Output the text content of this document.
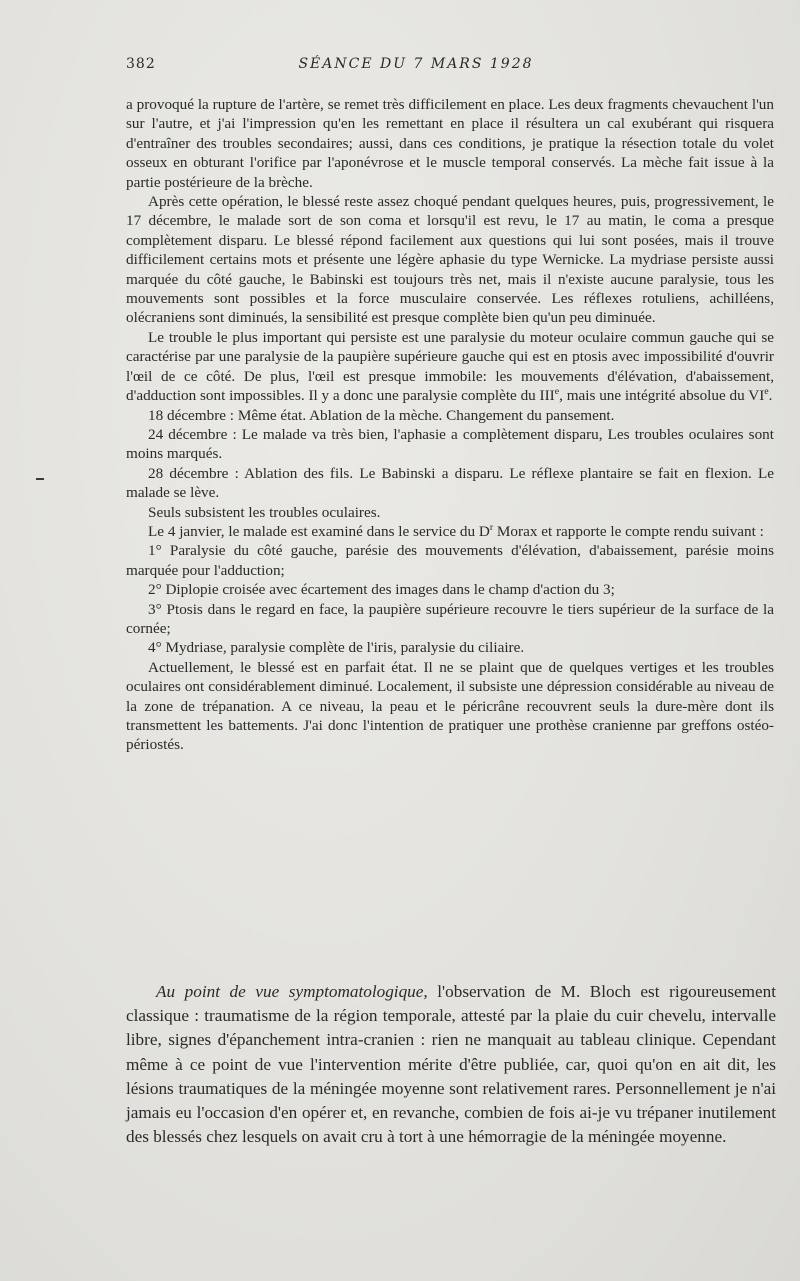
382	SÉANCE DU 7 MARS 1928

a provoqué la rupture de l'artère, se remet très difficilement en place. Les deux fragments chevauchent l'un sur l'autre, et j'ai l'impression qu'en les remettant en place il résultera un cal exubérant qui risquera d'entraîner des troubles secondaires; aussi, dans ces conditions, je pratique la résection totale du volet osseux en obturant l'orifice par l'aponévrose et le muscle temporal conservés. La mèche fait issue à la partie postérieure de la brèche.

Après cette opération, le blessé reste assez choqué pendant quelques heures, puis, progressivement, le 17 décembre, le malade sort de son coma et lorsqu'il est revu, le 17 au matin, le coma a presque complètement disparu. Le blessé répond facilement aux questions qui lui sont posées, mais il trouve difficilement certains mots et présente une légère aphasie du type Wernicke. La mydriase persiste aussi marquée du côté gauche, le Babinski est toujours très net, mais il n'existe aucune paralysie, tous les mouvements sont possibles et la force musculaire conservée. Les réflexes rotuliens, achilléens, olécraniens sont diminués, la sensibilité est presque complète bien qu'un peu diminuée.

Le trouble le plus important qui persiste est une paralysie du moteur oculaire commun gauche qui se caractérise par une paralysie de la paupière supérieure gauche qui est en ptosis avec impossibilité d'ouvrir l'œil de ce côté. De plus, l'œil est presque immobile: les mouvements d'élévation, d'abaissement, d'adduction sont impossibles. Il y a donc une paralysie complète du IIIe, mais une intégrité absolue du VIe.

18 décembre : Même état. Ablation de la mèche. Changement du pansement.

24 décembre : Le malade va très bien, l'aphasie a complètement disparu, Les troubles oculaires sont moins marqués.

28 décembre : Ablation des fils. Le Babinski a disparu. Le réflexe plantaire se fait en flexion. Le malade se lève.

Seuls subsistent les troubles oculaires.

Le 4 janvier, le malade est examiné dans le service du $D^r$ Morax et rapporte le compte rendu suivant :

1° Paralysie du côté gauche, parésie des mouvements d'élévation, d'abaissement, parésie moins marquée pour l'adduction;

2° Diplopie croisée avec écartement des images dans le champ d'action du 3;

3° Ptosis dans le regard en face, la paupière supérieure recouvre le tiers supérieur de la surface de la cornée;

4° Mydriase, paralysie complète de l'iris, paralysie du ciliaire.

Actuellement, le blessé est en parfait état. Il ne se plaint que de quelques vertiges et les troubles oculaires ont considérablement diminué. Localement, il subsiste une dépression considérable au niveau de la zone de trépanation. A ce niveau, la peau et le péricrâne recouvrent seuls la dure-mère dont ils transmettent les battements. J'ai donc l'intention de pratiquer une prothèse cranienne par greffons ostéo-périostés.

Au point de vue symptomatologique, l'observation de M. Bloch est rigoureusement classique : traumatisme de la région temporale, attesté par la plaie du cuir chevelu, intervalle libre, signes d'épanchement intra-cranien : rien ne manquait au tableau clinique. Cependant même à ce point de vue l'intervention mérite d'être publiée, car, quoi qu'on en ait dit, les lésions traumatiques de la méningée moyenne sont relativement rares. Personnellement je n'ai jamais eu l'occasion d'en opérer et, en revanche, combien de fois ai-je vu trépaner inutilement des blessés chez lesquels on avait cru à tort à une hémorragie de la méningée moyenne.
